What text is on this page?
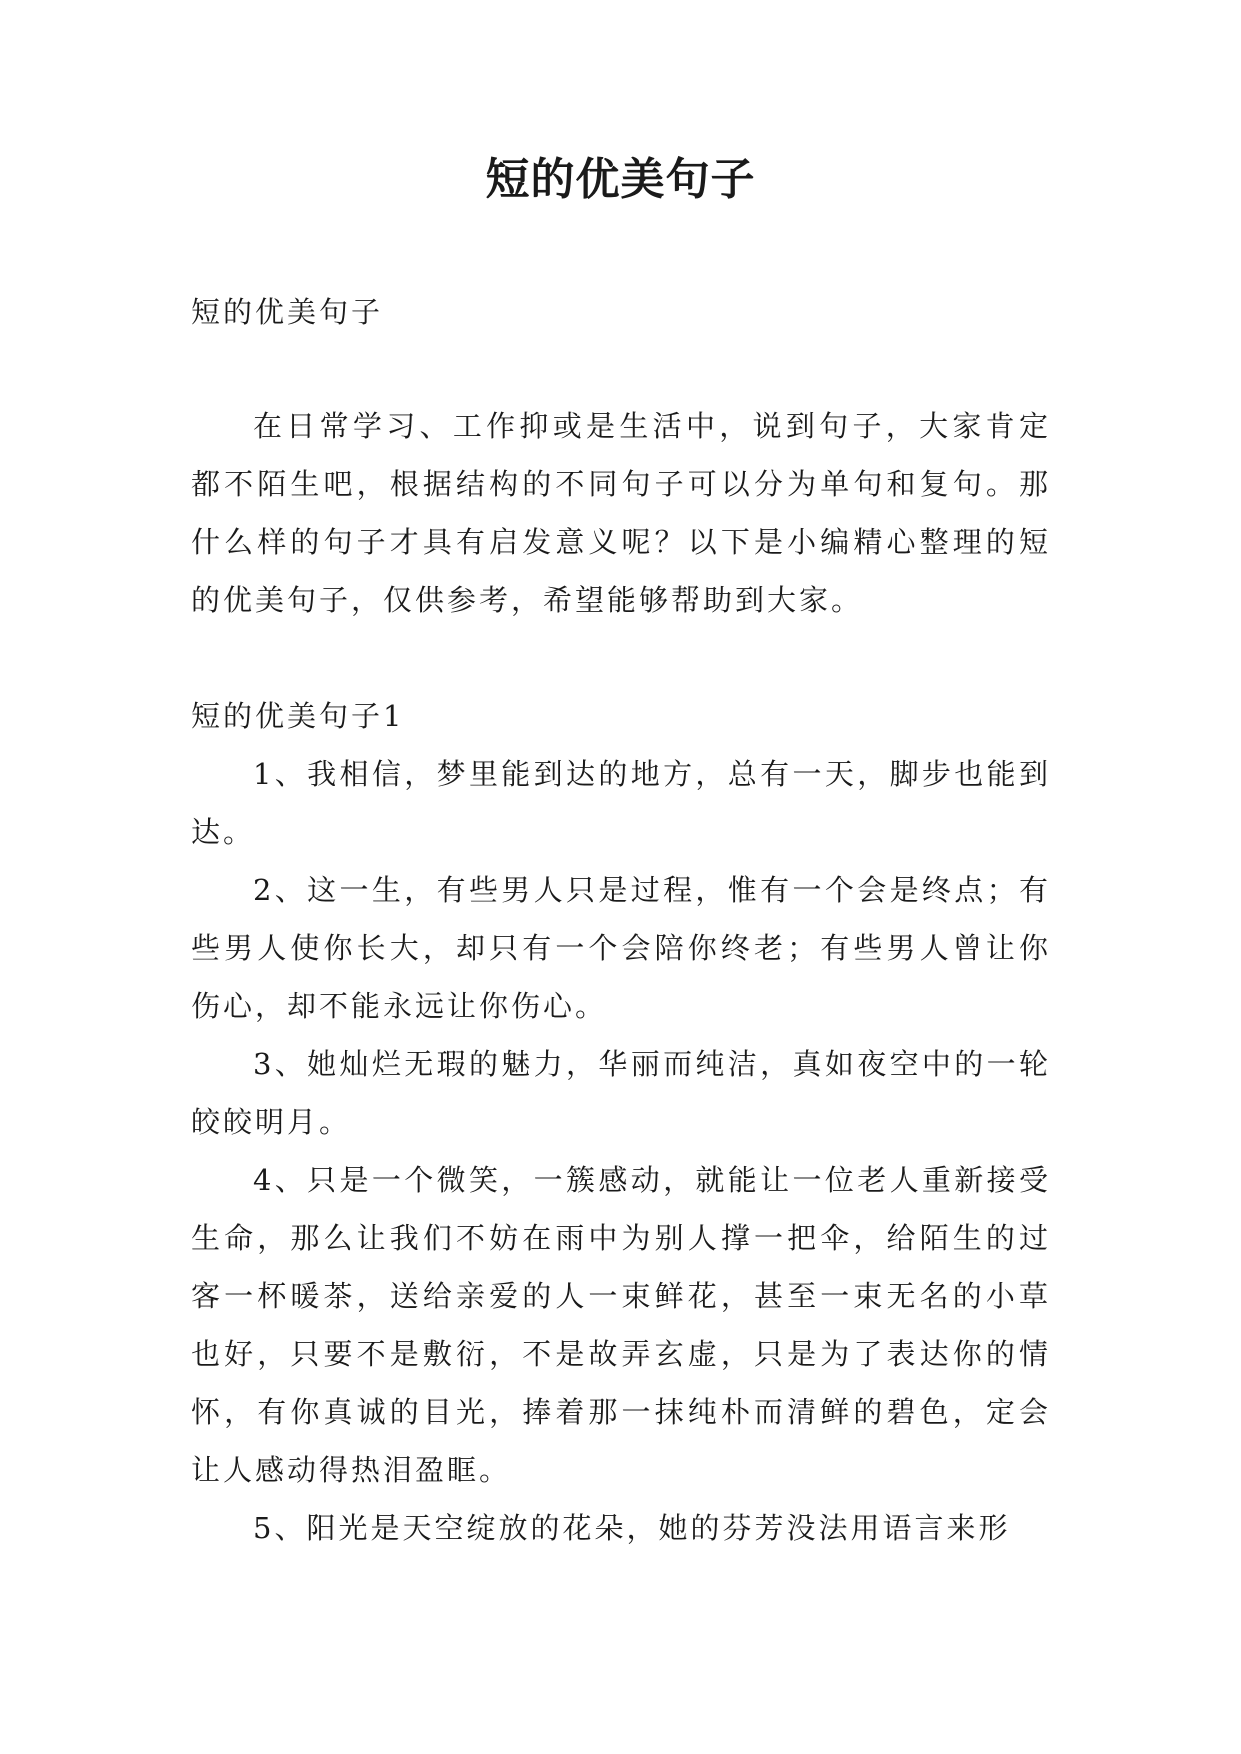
短的优美句子

短的优美句子

在日常学习、工作抑或是生活中，说到句子，大家肯定都不陌生吧，根据结构的不同句子可以分为单句和复句。那什么样的句子才具有启发意义呢？以下是小编精心整理的短的优美句子，仅供参考，希望能够帮助到大家。

短的优美句子1

1、我相信，梦里能到达的地方，总有一天，脚步也能到达。

2、这一生，有些男人只是过程，惟有一个会是终点；有些男人使你长大，却只有一个会陪你终老；有些男人曾让你伤心，却不能永远让你伤心。

3、她灿烂无瑕的魅力，华丽而纯洁，真如夜空中的一轮皎皎明月。

4、只是一个微笑，一簇感动，就能让一位老人重新接受生命，那么让我们不妨在雨中为别人撑一把伞，给陌生的过客一杯暖茶，送给亲爱的人一束鲜花，甚至一束无名的小草也好，只要不是敷衍，不是故弄玄虚，只是为了表达你的情怀，有你真诚的目光，捧着那一抹纯朴而清鲜的碧色，定会让人感动得热泪盈眶。

5、阳光是天空绽放的花朵，她的芬芳没法用语言来形
